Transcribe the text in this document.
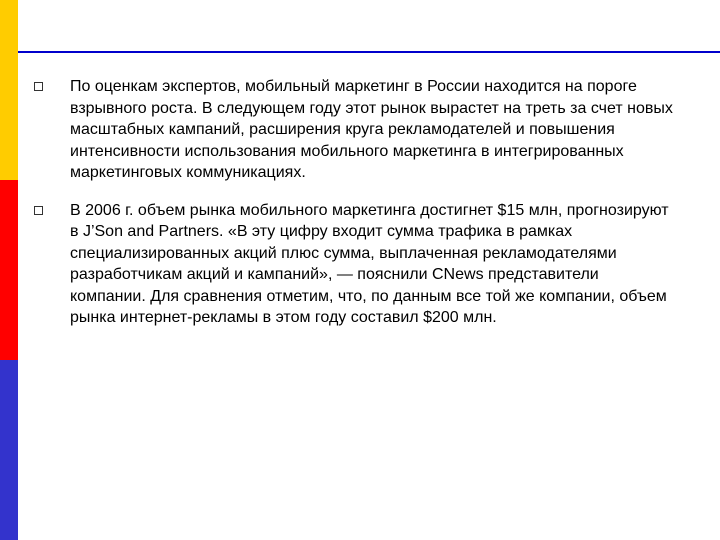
По оценкам экспертов, мобильный маркетинг в России находится на пороге взрывного роста. В следующем году этот рынок вырастет на треть за счет новых масштабных кампаний, расширения круга рекламодателей и повышения интенсивности использования мобильного маркетинга в интегрированных маркетинговых коммуникациях.

В 2006 г. объем рынка мобильного маркетинга достигнет $15 млн, прогнозируют в J’Son and Partners. «В эту цифру входит сумма трафика в рамках специализированных акций плюс сумма, выплаченная рекламодателями разработчикам акций и кампаний», — пояснили CNews представители компании. Для сравнения отметим, что, по данным все той же компании, объем рынка интернет-рекламы в этом году составил $200 млн.
